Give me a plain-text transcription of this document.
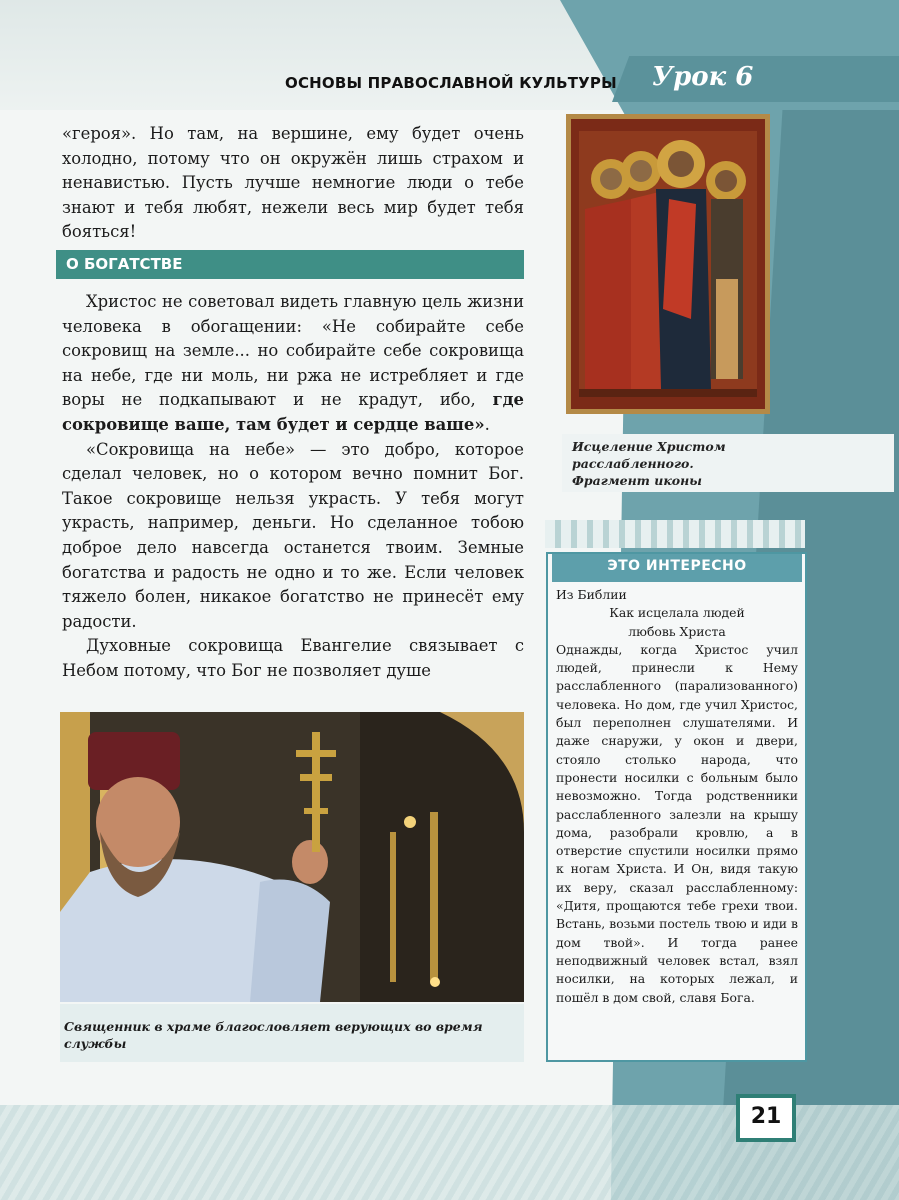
ОСНОВЫ ПРАВОСЛАВНОЙ КУЛЬТУРЫ Урок 6

«героя». Но там, на вершине, ему будет очень холодно, потому что он окружён лишь страхом и ненавистью. Пусть лучше немногие люди о тебе знают и тебя любят, нежели весь мир будет тебя бояться!

О БОГАТСТВЕ

Христос не советовал видеть главную цель жизни человека в обогащении: «Не собирайте себе сокровищ на земле... но собирайте себе сокровища на небе, где ни моль, ни ржа не истребляет и где воры не подкапывают и не крадут, ибо, где сокровище ваше, там будет и сердце ваше».

«Сокровища на небе» — это добро, которое сделал человек, но о котором вечно помнит Бог. Такое сокровище нельзя украсть. У тебя могут украсть, например, деньги. Но сделанное тобою доброе дело навсегда останется твоим. Земные богатства и радость не одно и то же. Если человек тяжело болен, никакое богатство не принесёт ему радости.

Духовные сокровища Евангелие связывает с Небом потому, что Бог не позволяет душе

Исцеление Христом
расслабленного.
Фрагмент иконы
Священник в храме благословляет верующих во время службы
ЭТО ИНТЕРЕСНО
Из Библии
Как исцелала людей
любовь Христа
Однажды, когда Христос учил людей, принесли к Нему расслабленного (парализованного) человека. Но дом, где учил Христос, был переполнен слушателями. И даже снаружи, у окон и двери, стояло столько народа, что пронести носилки с больным было невозможно. Тогда родственники расслабленного залезли на крышу дома, разобрали кровлю, а в отверстие спустили носилки прямо к ногам Христа. И Он, видя такую их веру, сказал расслабленному: «Дитя, прощаются тебе грехи твои. Встань, возьми постель твою и иди в дом твой». И тогда ранее неподвижный человек встал, взял носилки, на которых лежал, и пошёл в дом свой, славя Бога.
21
